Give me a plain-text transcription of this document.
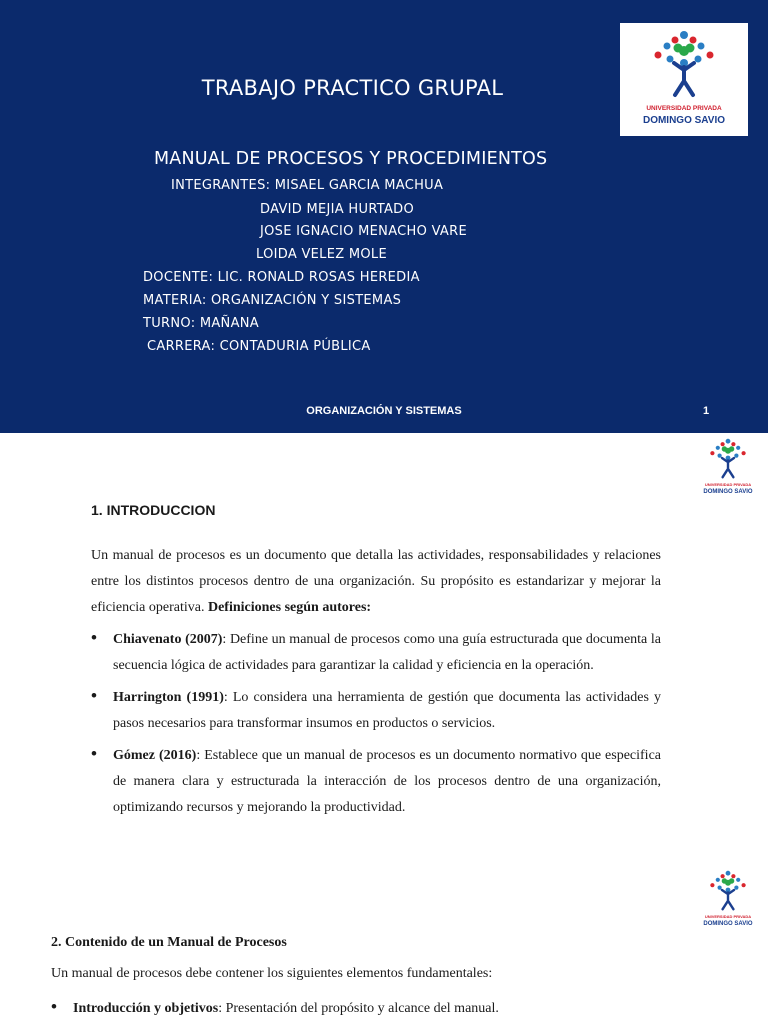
TRABAJO PRACTICO GRUPAL
MANUAL DE PROCESOS Y PROCEDIMIENTOS
INTEGRANTES: MISAEL GARCIA MACHUA
DAVID MEJIA HURTADO
JOSE IGNACIO MENACHO VARE
LOIDA VELEZ MOLE
DOCENTE: LIC. RONALD ROSAS HEREDIA
MATERIA: ORGANIZACIÓN Y SISTEMAS
TURNO: MAÑANA
CARRERA: CONTADURIA PÚBLICA
ORGANIZACIÓN Y SISTEMAS	1
UNIVERSIDAD PRIVADA
DOMINGO SAVIO
UNIVERSIDAD PRIVADA
DOMINGO SAVIO
UNIVERSIDAD PRIVADA
DOMINGO SAVIO
1. INTRODUCCION
Un manual de procesos es un documento que detalla las actividades, responsabilidades y relaciones entre los distintos procesos dentro de una organización. Su propósito es estandarizar y mejorar la eficiencia operativa. Definiciones según autores:
• Chiavenato (2007): Define un manual de procesos como una guía estructurada que documenta la secuencia lógica de actividades para garantizar la calidad y eficiencia en la operación.
• Harrington (1991): Lo considera una herramienta de gestión que documenta las actividades y pasos necesarios para transformar insumos en productos o servicios.
• Gómez (2016): Establece que un manual de procesos es un documento normativo que especifica de manera clara y estructurada la interacción de los procesos dentro de una organización, optimizando recursos y mejorando la productividad.
2. Contenido de un Manual de Procesos
Un manual de procesos debe contener los siguientes elementos fundamentales:
• Introducción y objetivos: Presentación del propósito y alcance del manual.
